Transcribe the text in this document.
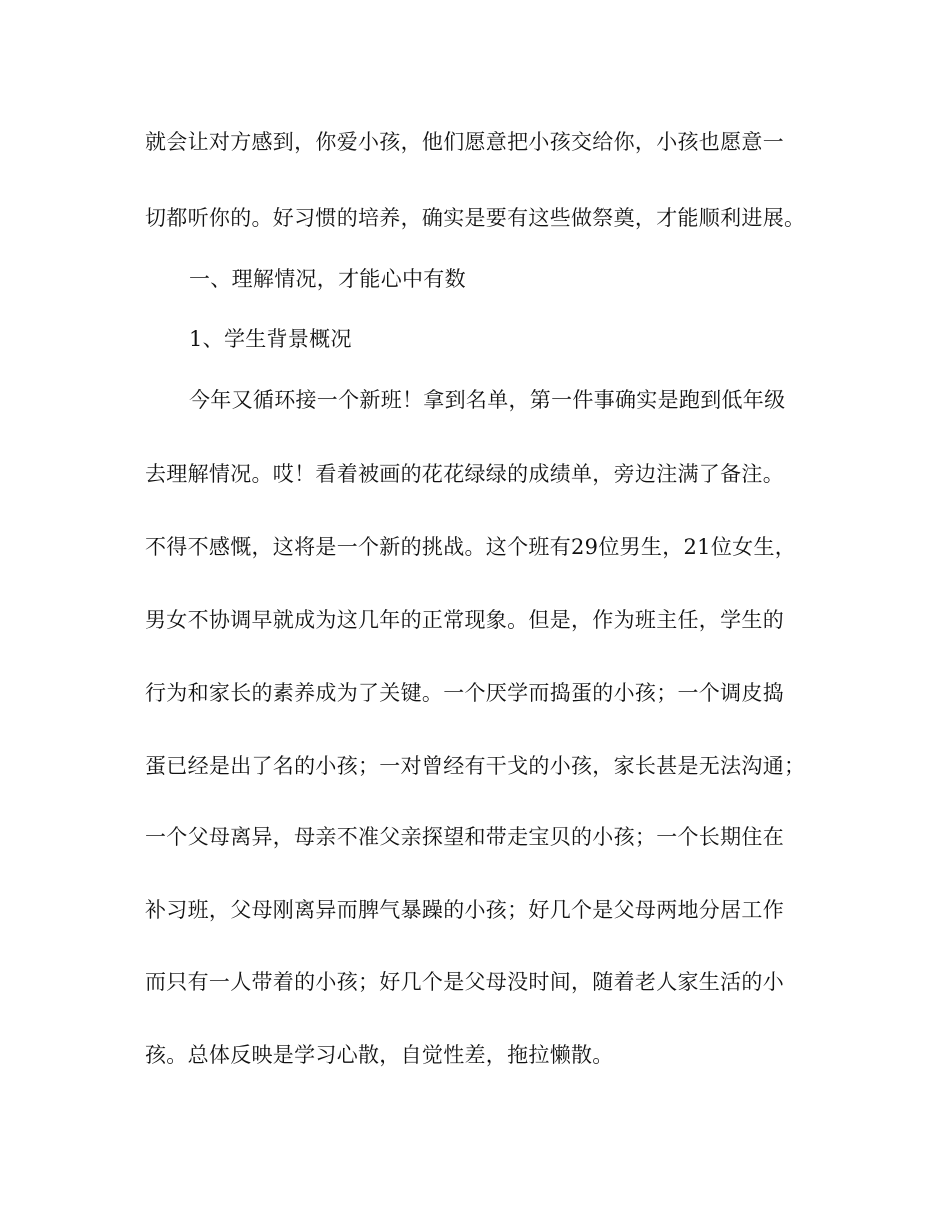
就会让对方感到，你爱小孩，他们愿意把小孩交给你，小孩也愿意一
切都听你的。好习惯的培养，确实是要有这些做祭奠，才能顺利进展。
一、理解情况，才能心中有数
1、学生背景概况
今年又循环接一个新班！拿到名单，第一件事确实是跑到低年级
去理解情况。哎！看着被画的花花绿绿的成绩单，旁边注满了备注。
不得不感慨，这将是一个新的挑战。这个班有29位男生，21位女生，
男女不协调早就成为这几年的正常现象。但是，作为班主任，学生的
行为和家长的素养成为了关键。一个厌学而捣蛋的小孩；一个调皮捣
蛋已经是出了名的小孩；一对曾经有干戈的小孩，家长甚是无法沟通；
一个父母离异，母亲不准父亲探望和带走宝贝的小孩；一个长期住在
补习班，父母刚离异而脾气暴躁的小孩；好几个是父母两地分居工作
而只有一人带着的小孩；好几个是父母没时间，随着老人家生活的小
孩。总体反映是学习心散，自觉性差，拖拉懒散。
